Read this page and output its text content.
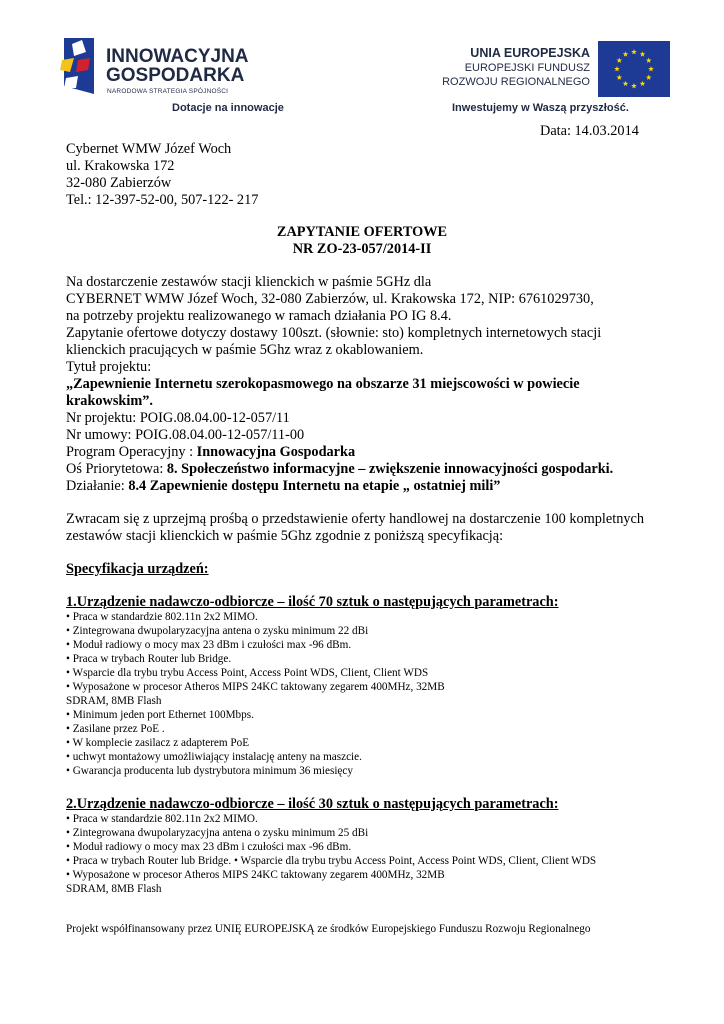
INNOWACYJNA
GOSPODARKA
NARODOWA STRATEGIA SPÓJNOŚCI
Dotacje na innowacje
UNIA EUROPEJSKA
EUROPEJSKI FUNDUSZ
ROZWOJU REGIONALNEGO
Inwestujemy w Waszą przyszłość.
Data: 14.03.2014
Cybernet WMW Józef Woch
ul. Krakowska 172
32-080 Zabierzów
Tel.: 12-397-52-00, 507-122- 217
ZAPYTANIE OFERTOWE
NR ZO-23-057/2014-II
Na dostarczenie zestawów stacji klienckich w paśmie 5GHz dla
CYBERNET WMW Józef Woch, 32-080 Zabierzów, ul. Krakowska 172, NIP: 6761029730,
na potrzeby projektu realizowanego w ramach działania PO IG 8.4.
Zapytanie ofertowe dotyczy dostawy 100szt. (słownie: sto) kompletnych internetowych stacji
klienckich pracujących w paśmie 5Ghz wraz z okablowaniem.
Tytuł projektu:
„Zapewnienie Internetu szerokopasmowego na obszarze 31 miejscowości w powiecie
krakowskim”.
Nr projektu: POIG.08.04.00-12-057/11
Nr umowy: POIG.08.04.00-12-057/11-00
Program Operacyjny : Innowacyjna Gospodarka
Oś Priorytetowa: 8. Społeczeństwo informacyjne – zwiększenie innowacyjności gospodarki.
Działanie: 8.4 Zapewnienie dostępu Internetu na etapie „ ostatniej mili”
Zwracam się z uprzejmą prośbą o przedstawienie oferty handlowej na dostarczenie 100 kompletnych
zestawów stacji klienckich w paśmie 5Ghz zgodnie z poniższą specyfikacją:
Specyfikacja urządzeń:
1.Urządzenie nadawczo-odbiorcze – ilość 70 sztuk o następujących parametrach:
• Praca w standardzie 802.11n 2x2 MIMO.
• Zintegrowana dwupolaryzacyjna antena o zysku minimum 22 dBi
• Moduł radiowy o mocy max 23 dBm i czułości max -96 dBm.
• Praca w trybach Router lub Bridge.
• Wsparcie dla trybu trybu Access Point, Access Point WDS, Client, Client WDS
• Wyposażone w procesor Atheros MIPS 24KC taktowany zegarem 400MHz, 32MB
SDRAM, 8MB Flash
• Minimum jeden port Ethernet 100Mbps.
• Zasilane przez PoE .
• W komplecie zasilacz z adapterem PoE
• uchwyt montażowy umożliwiający instalację anteny na maszcie.
• Gwarancja producenta lub dystrybutora minimum 36 miesięcy
2.Urządzenie nadawczo-odbiorcze – ilość 30 sztuk o następujących parametrach:
• Praca w standardzie 802.11n 2x2 MIMO.
• Zintegrowana dwupolaryzacyjna antena o zysku minimum 25 dBi
• Moduł radiowy o mocy max 23 dBm i czułości max -96 dBm.
• Praca w trybach Router lub Bridge. • Wsparcie dla trybu trybu Access Point, Access Point WDS, Client, Client WDS
• Wyposażone w procesor Atheros MIPS 24KC taktowany zegarem 400MHz, 32MB
SDRAM, 8MB Flash
Projekt współfinansowany przez UNIĘ EUROPEJSKĄ ze środków Europejskiego Funduszu Rozwoju Regionalnego
